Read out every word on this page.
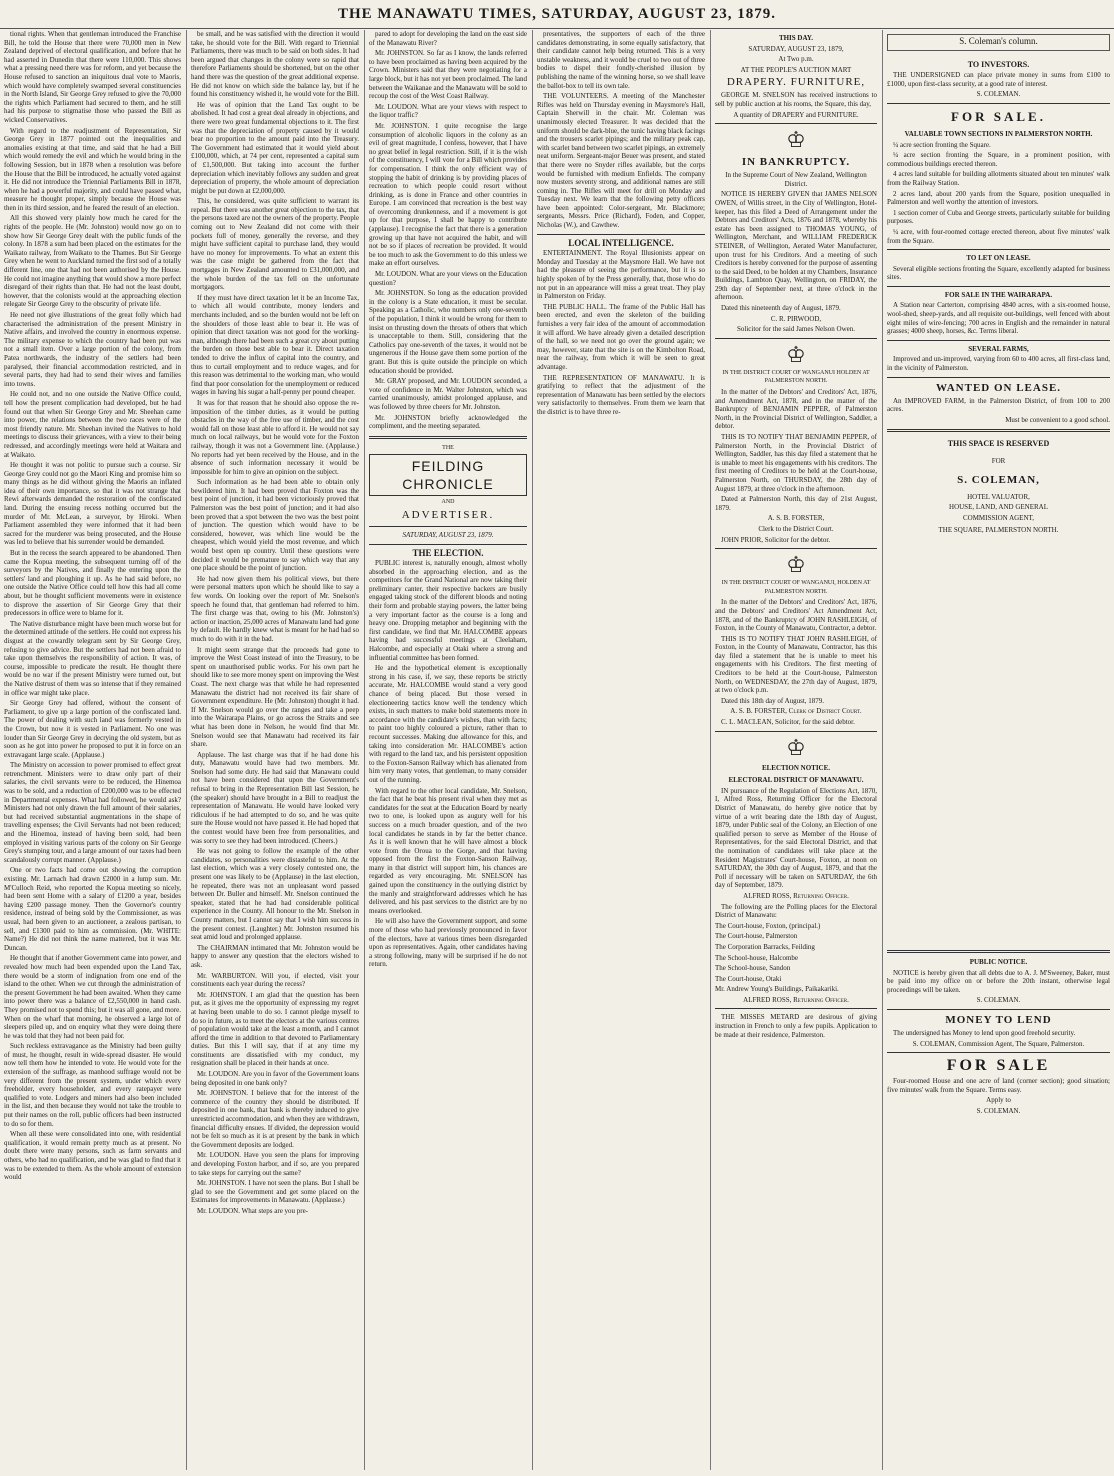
THE MANAWATU TIMES, SATURDAY, AUGUST 23, 1879.

tional rights. When that gentleman introduced the Franchise Bill, he told the House that there were 70,000 men in New Zealand deprived of electoral qualification, and before that he had asserted in Dunedin that there were 110,000. This shows what a pressing need there was for reform, and yet because the House refused to sanction an iniquitous dual vote to Maoris, which would have completely swamped several constituencies in the North Island, Sir George Grey refused to give the 70,000 the rights which Parliament had secured to them, and he still had his purpose to stigmatise those who passed the Bill as wicked Conservatives.

With regard to the readjustment of Representation, Sir George Grey in 1877 pointed out the inequalities and anomalies existing at that time, and said that he had a Bill which would remedy the evil and which he would bring in the following Session, but in 1878 when a resolution was before the House that the Bill be introduced, he actually voted against it. He did not introduce the Triennial Parliaments Bill in 1878, when he had a powerful majority, and could have passed what, measure he thought proper, simply because the House was then in its third session, and he feared the result of an election.

All this showed very plainly how much he cared for the rights of the people. He (Mr. Johnston) would now go on to show how Sir George Grey dealt with the public funds of the colony. In 1878 a sum had been placed on the estimates for the Waikato railway, from Waikato to the Thames. But Sir George Grey when he went to Auckland turned the first sod of a totally different line, one that had not been authorised by the House. He could not imagine anything that would show a more perfect disregard of their rights than that. He had not the least doubt, however, that the colonists would at the approaching election relegate Sir George Grey to the obscurity of private life.

He need not give illustrations of the great folly which had characterised the administration of the present Ministry in Native affairs, and involved the country in enormous expense. The military expense to which the country had been put was not a small item. Over a large portion of the colony, from Patea northwards, the industry of the settlers had been paralysed, their financial accommodation restricted, and in several parts, they had had to send their wives and families into towns.

He could not, and no one outside the Native Office could, tell how the present complication had developed, but he had found out that when Sir George Grey and Mr. Sheehan came into power, the relations between the two races were of the most friendly nature. Mr. Sheehan invited the Natives to hold meetings to discuss their grievances, with a view to their being redressed, and accordingly meetings were held at Waitara and at Waikato.

He thought it was not politic to pursue such a course. Sir George Grey could not go the Maori King and promise him so many things as he did without giving the Maoris an inflated idea of their own importance, so that it was not strange that Rewi afterwards demanded the restoration of the confiscated land. During the ensuing recess nothing occurred but the murder of Mr. McLean, a surveyor, by Hiroki. When Parliament assembled they were informed that it had been sacred for the murderer was being prosecuted, and the House was led to believe that his surrender would be demanded.

But in the recess the search appeared to be abandoned. Then came the Kopua meeting, the subsequent turning off of the surveyors by the Natives, and finally the entering upon the settlers' land and ploughing it up. As he had said before, no one outside the Native Office could tell how this had all come about, but he thought sufficient movements were in existence to disprove the assertion of Sir George Grey that their predecessors in office were to blame for it.

The Native disturbance might have been much worse but for the determined attitude of the settlers. He could not express his disgust at the cowardly telegram sent by Sir George Grey, refusing to give advice. But the settlers had not been afraid to take upon themselves the responsibility of action. It was, of course, impossible to predicate the result. He thought there would be no war if the present Ministry were turned out, but the Native distrust of them was so intense that if they remained in office war might take place.

Sir George Grey had offered, without the consent of Parliament, to give up a large portion of the confiscated land. The power of dealing with such land was formerly vested in the Crown, but now it is vested in Parliament. No one was louder than Sir George Grey in decrying the old system, but as soon as he got into power he proposed to put it in force on an extravagant large scale. (Applause.)

The Ministry on accession to power promised to effect great retrenchment. Ministers were to draw only part of their salaries, the civil servants were to be reduced, the Hinemoa was to be sold, and a reduction of £200,000 was to be effected in Departmental expenses. What had followed, he would ask? Ministers had not only drawn the full amount of their salaries, but had received substantial augmentations in the shape of travelling expenses; the Civil Servants had not been reduced; and the Hinemoa, instead of having been sold, had been employed in visiting various parts of the colony on Sir George Grey's stumping tour, and a large amount of our taxes had been scandalously corrupt manner. (Applause.)

One or two facts had come out showing the corruption existing. Mr. Larnach had drawn £2000 in a lump sum. Mr. M'Culloch Reid, who reported the Kopua meeting so nicely, had been sent Home with a salary of £1200 a year, besides having £200 passage money. Then the Governor's country residence, instead of being sold by the Commissioner, as was usual, had been given to an auctioneer, a zealous partisan, to sell, and £1300 paid to him as commission. (Mr. WHITE: Name?) He did not think the name mattered, but it was Mr. Duncan.

He thought that if another Government came into power, and revealed how much had been expended upon the Land Tax, there would be a storm of indignation from one end of the island to the other. When we cut through the administration of the present Government he had been awaited. When they came into power there was a balance of £2,550,000 in hand cash. They promised not to spend this; but it was all gone, and more. When on the wharf that morning, he observed a large lot of sleepers piled up, and on enquiry what they were doing there he was told that they had not been paid for.

Such reckless extravagance as the Ministry had been guilty of must, he thought, result in wide-spread disaster. He would now tell them how he intended to vote. He would vote for the extension of the suffrage, as manhood suffrage would not be very different from the present system, under which every freeholder, every householder, and every ratepayer were qualified to vote. Lodgers and miners had also been included in the list, and then because they would not take the trouble to put their names on the roll, public officers had been instructed to do so for them.

When all these were consolidated into one, with residential qualification, it would remain pretty much as at present. No doubt there were many persons, such as farm servants and others, who had no qualification, and he was glad to find that it was to be extended to them. As the whole amount of extension would

be small, and he was satisfied with the direction it would take, he should vote for the Bill. With regard to Triennial Parliaments, there was much to be said on both sides. It had been argued that changes in the colony were so rapid that therefore Parliaments should be shortened, but on the other hand there was the question of the great additional expense. He did not know on which side the balance lay, but if he found his constituency wished it, he would vote for the Bill.

He was of opinion that the Land Tax ought to be abolished. It had cost a great deal already in objections, and there were two great fundamental objections to it. The first was that the depreciation of property caused by it would bear no proportion to the amount paid into the Treasury. The Government had estimated that it would yield about £100,000, which, at 74 per cent, represented a capital sum of £1,500,000. But taking into account the further depreciation which inevitably follows any sudden and great depreciation of property, the whole amount of depreciation might be put down at £2,000,000.

This, he considered, was quite sufficient to warrant its repeal. But there was another great objection to the tax, that the persons taxed are not the owners of the property. People coming out to New Zealand did not come with their pockets full of money, generally the reverse, and they might have sufficient capital to purchase land, they would have no money for improvements. To what an extent this was the case might be gathered from the fact that mortgages in New Zealand amounted to £31,000,000, and the whole burden of the tax fell on the unfortunate mortgagors.

If they must have direct taxation let it be an Income Tax, to which all would contribute, money lenders and merchants included, and so the burden would not be left on the shoulders of those least able to bear it. He was of opinion that direct taxation was not good for the working-man, although there had been such a great cry about putting the burden on those best able to bear it. Direct taxation tended to drive the influx of capital into the country, and thus to curtail employment and to reduce wages, and for this reason was detrimental to the working man, who would find that poor consolation for the unemployment or reduced wages in having his sugar a half-penny per pound cheaper.

It was for that reason that he should also oppose the re-imposition of the timber duties, as it would be putting obstacles in the way of the free use of timber, and the cost would fall on those least able to afford it. He would not say much on local railways, but he would vote for the Foxton railway, though it was not a Government line. (Applause.) No reports had yet been received by the House, and in the absence of such information necessary it would be impossible for him to give an opinion on the subject.

Such information as he had been able to obtain only bewildered him. It had been proved that Foxton was the best point of junction, it had been victoriously proved that Palmerston was the best point of junction; and it had also been proved that a spot between the two was the best point of junction. The question which would have to be considered, however, was which line would be the cheapest, which would yield the most revenue, and which would best open up country. Until these questions were decided it would be premature to say which way that any one place should be the point of junction.

He had now given them his political views, but there were personal matters upon which he should like to say a few words. On looking over the report of Mr. Snelson's speech he found that, that gentleman had referred to him. The first charge was that, owing to his (Mr. Johnston's) action or inaction, 25,000 acres of Manawatu land had gone by default. He hardly knew what is meant for he had had so much to do with it in the bad.

It might seem strange that the proceeds had gone to improve the West Coast instead of into the Treasury, to be spent on unauthorised public works. For his own part he should like to see more money spent on improving the West Coast. The next charge was that while he had represented Manawatu the district had not received its fair share of Government expenditure. He (Mr. Johnston) thought it had. If Mr. Snelson would go over the ranges and take a peep into the Wairarapa Plains, or go across the Straits and see what has been done in Nelson, he would find that Mr. Snelson would see that Manawatu had received its fair share.

Applause. The last charge was that if he had done his duty, Manawatu would have had two members. Mr. Snelson had some duty. He had said that Manawatu could not have been considered that upon the Government's refusal to bring in the Representation Bill last Session, he (the speaker) should have brought in a Bill to readjust the representation of Manawatu. He would have looked very ridiculous if he had attempted to do so, and he was quite sure the House would not have passed it. He had hoped that the contest would have been free from personalities, and was sorry to see they had been introduced. (Cheers.)

He was not going to follow the example of the other candidates, so personalities were distasteful to him. At the last election, which was a very closely contested one, the present one was likely to be (Applause) in the last election, he repeated, there was not an unpleasant word passed between Dr. Buller and himself. Mr. Snelson continued the speaker, stated that he had had considerable political experience in the County. All honour to the Mr. Snelson in County matters, but I cannot say that I wish him success in the present contest. (Laughter.) Mr. Johnston resumed his seat amid loud and prolonged applause.

The CHAIRMAN intimated that Mr. Johnston would be happy to answer any question that the electors wished to ask.

Mr. WARBURTON. Will you, if elected, visit your constituents each year during the recess?

Mr. JOHNSTON. I am glad that the question has been put, as it gives me the opportunity of expressing my regret at having been unable to do so. I cannot pledge myself to do so in future, as to meet the electors at the various centres of population would take at the least a month, and I cannot afford the time in addition to that devoted to Parliamentary duties. But this I will say, that if at any time my constituents are dissatisfied with my conduct, my resignation shall be placed in their hands at once.

Mr. LOUDON. Are you in favor of the Government loans being deposited in one bank only?

Mr. JOHNSTON. I believe that for the interest of the commerce of the country they should be distributed. If deposited in one bank, that bank is thereby induced to give unrestricted accommodation, and when they are withdrawn, financial difficulty ensues. If divided, the depression would not be felt so much as it is at present by the bank in which the Government deposits are lodged.

Mr. LOUDON. Have you seen the plans for improving and developing Foxton harbor, and if so, are you prepared to take steps for carrying out the same?

Mr. JOHNSTON. I have not seen the plans. But I shall be glad to see the Government and get some placed on the Estimates for improvements in Manawatu. (Applause.)

Mr. LOUDON. What steps are you pre-

pared to adopt for developing the land on the east side of the Manawatu River?

Mr. JOHNSTON. So far as I know, the lands referred to have been proclaimed as having been acquired by the Crown. Ministers said that they were negotiating for a large block, but it has not yet been proclaimed. The land between the Waikanae and the Manawatu will be sold to recoup the cost of the West Coast Railway.

Mr. LOUDON. What are your views with respect to the liquor traffic?

Mr. JOHNSTON. I quite recognise the large consumption of alcoholic liquors in the colony as an evil of great magnitude, I confess, however, that I have no great belief in legal restriction. Still, if it is the wish of the constituency, I will vote for a Bill which provides for compensation. I think the only efficient way of stopping the habit of drinking is by providing places of recreation to which people could resort without drinking, as is done in France and other countries in Europe. I am convinced that recreation is the best way of overcoming drunkenness, and if a movement is got up for that purpose, I shall be happy to contribute (applause). I recognise the fact that there is a generation growing up that have not acquired the habit, and will not be so if places of recreation be provided. It would be too much to ask the Government to do this unless we make an effort ourselves.

Mr. LOUDON. What are your views on the Education question?

Mr. JOHNSTON. So long as the education provided in the colony is a State education, it must be secular. Speaking as a Catholic, who numbers only one-seventh of the population, I think it would be wrong for them to insist on thrusting down the throats of others that which is unacceptable to them. Still, considering that the Catholics pay one-seventh of the taxes, it would not be ungenerous if the House gave them some portion of the grant. But this is quite outside the principle on which education should be provided.

Mr. GRAY proposed, and Mr. LOUDON seconded, a vote of confidence in Mr. Walter Johnston, which was carried unanimously, amidst prolonged applause, and was followed by three cheers for Mr. Johnston.

Mr. JOHNSTON briefly acknowledged the compliment, and the meeting separated.

THE

FEILDING CHRONICLE

AND

ADVERTISER.

SATURDAY, AUGUST 23, 1879.

THE ELECTION.

PUBLIC interest is, naturally enough, almost wholly absorbed in the approaching election, and as the competitors for the Grand National are now taking their preliminary canter, their respective backers are busily engaged taking stock of the different bloods and noting their form and probable staying powers, the latter being a very important factor as the course is a long and heavy one. Dropping metaphor and beginning with the first candidate, we find that Mr. HALCOMBE appears having had successful meetings at Cleelaham, Halcombe, and especially at Otaki where a strong and influential committee has been formed.

He and the hypothetical element is exceptionally strong in his case, if, we say, these reports be strictly accurate, Mr. HALCOMBE would stand a very good chance of being placed. But those versed in electioneering tactics know well the tendency which exists, in such matters to make bold statements more in accordance with the candidate's wishes, than with facts; to paint too highly coloured a picture, rather than to recount successes. Making due allowance for this, and taking into consideration Mr. HALCOMBE's action with regard to the land tax, and his persistent opposition to the Foxton-Sanson Railway which has alienated from him very many votes, that gentleman, to many consider out of the running.

With regard to the other local candidate, Mr. Snelson, the fact that he beat his present rival when they met as candidates for the seat at the Education Board by nearly two to one, is looked upon as augury well for his success on a much broader question, and of the two local candidates he stands in by far the better chance. As it is well known that he will have almost a block vote from the Oroua to the Gorge, and that having opposed from the first the Foxton-Sanson Railway, many in that district will support him, his chances are regarded as very encouraging. Mr. SNELSON has gained upon the constituency in the outlying district by the manly and straightforward addresses which he has delivered, and his past services to the district are by no means overlooked.

He will also have the Government support, and some more of those who had previously pronounced in favor of the electors, have at various times been disregarded upon as representatives. Again, other candidates having a strong following, many will be surprised if he do not return.

presentatives, the supporters of each of the three candidates demonstrating, in some equally satisfactory, that their candidate cannot help being returned. This is a very unstable weakness, and it would be cruel to two out of three bodies to dispel their fondly-cherished illusion by publishing the name of the winning horse, so we shall leave the ballot-box to tell its own tale.

THE VOLUNTEERS. A meeting of the Manchester Rifles was held on Thursday evening in Maysmore's Hall, Captain Sherwill in the chair. Mr. Coleman was unanimously elected Treasurer. It was decided that the uniform should be dark-blue, the tunic having black facings and the trousers scarlet pipings; and the military peak cap, with scarlet band between two scarlet pipings, an extremely neat uniform. Sergeant-major Beuer was present, and stated that there were no Snyder rifles available, but the corps would be furnished with medium Enfields. The company now musters seventy strong, and additional names are still coming in. The Rifles will meet for drill on Monday and Tuesday next. We learn that the following petty officers have been appointed: Color-sergeant, Mr. Blackmore; sergeants, Messrs. Price (Richard), Foden, and Copper, Nicholas (W.), and Cawthew.

LOCAL INTELLIGENCE.

ENTERTAINMENT. The Royal Illusionists appear on Monday and Tuesday at the Maysmore Hall. We have not had the pleasure of seeing the performance, but it is so highly spoken of by the Press generally, that, those who do not put in an appearance will miss a great treat. They play in Palmerston on Friday.

THE PUBLIC HALL. The frame of the Public Hall has been erected, and even the skeleton of the building furnishes a very fair idea of the amount of accommodation it will afford. We have already given a detailed description of the hall, so we need not go over the ground again; we may, however, state that the site is on the Kimbolton Road, near the railway, from which it will be seen to great advantage.

THE REPRESENTATION OF MANAWATU. It is gratifying to reflect that the adjustment of the representation of Manawatu has been settled by the electors very satisfactorily to themselves. From them we learn that the district is to have three re-

THIS DAY.

SATURDAY, AUGUST 23, 1879,

At Two p.m.

AT THE PEOPLE'S AUCTION MART

DRAPERY. FURNITURE,

GEORGE M. SNELSON has received instructions to sell by public auction at his rooms, the Square, this day,

A quantity of DRAPERY and FURNITURE.

♔

IN BANKRUPTCY.

In the Supreme Court of New Zealand, Wellington District.

NOTICE IS HEREBY GIVEN that JAMES NELSON OWEN, of Willis street, in the City of Wellington, Hotel-keeper, has this filed a Deed of Arrangement under the Debtors and Creditors' Acts, 1876 and 1878, whereby his estate has been assigned to THOMAS YOUNG, of Wellington, Merchant, and WILLIAM FREDERICK STEINER, of Wellington, Aerated Water Manufacturer, upon trust for his Creditors. And a meeting of such Creditors is hereby convened for the purpose of assenting to the said Deed, to be holden at my Chambers, Insurance Buildings, Lambton Quay, Wellington, on FRIDAY, the 29th day of September next, at three o'clock in the afternoon.

Dated this nineteenth day of August, 1879.

C. R. PIRWOOD,

Solicitor for the said James Nelson Owen.

♔

IN THE DISTRICT COURT OF WANGANUI HOLDEN AT PALMERSTON NORTH.

In the matter of the Debtors' and Creditors' Act, 1876, and Amendment Act, 1878, and in the matter of the Bankruptcy of BENJAMIN PEPPER, of Palmerston North, in the Provincial District of Wellington, Saddler, a debtor.

THIS IS TO NOTIFY THAT BENJAMIN PEPPER, of Palmerston North, in the Provincial District of Wellington, Saddler, has this day filed a statement that he is unable to meet his engagements with his creditors. The first meeting of Creditors to be held at the Court-house, Palmerston North, on THURSDAY, the 28th day of August 1879, at three o'clock in the afternoon.

Dated at Palmerston North, this day of 21st August, 1879.

A. S. B. FORSTER,

Clerk to the District Court.

JOHN PRIOR, Solicitor for the debtor.

♔

IN THE DISTRICT COURT OF WANGANUI, HOLDEN AT PALMERSTON NORTH.

In the matter of the Debtors' and Creditors' Act, 1876, and the Debtors' and Creditors' Act Amendment Act, 1878, and of the Bankruptcy of JOHN RASHLEIGH, of Foxton, in the County of Manawatu, Contractor, a debtor.

THIS IS TO NOTIFY THAT JOHN RASHLEIGH, of Foxton, in the County of Manawatu, Contractor, has this day filed a statement that he is unable to meet his engagements with his Creditors. The first meeting of Creditors to be held at the Court-house, Palmerston North, on WEDNESDAY, the 27th day of August, 1879, at two o'clock p.m.

Dated this 18th day of August, 1879.

A. S. B. FORSTER, Clerk of District Court.

C. L. MACLEAN, Solicitor, for the said debtor.

♔

ELECTION NOTICE.

ELECTORAL DISTRICT OF MANAWATU.

IN pursuance of the Regulation of Elections Act, 1870, I, Alfred Ross, Returning Officer for the Electoral District of Manawatu, do hereby give notice that by virtue of a writ bearing date the 18th day of August, 1879, under Public seal of the Colony, an Election of one qualified person to serve as Member of the House of Representatives, for the said Electoral District, and that the nomination of candidates will take place at the Resident Magistrates' Court-house, Foxton, at noon on SATURDAY, the 30th day of August, 1879, and that the Poll if necessary will be taken on SATURDAY, the 6th day of September, 1879.

ALFRED ROSS, Returning Officer.

The following are the Polling places for the Electoral District of Manawatu:

The Court-house, Foxton, (principal.)

The Court-house, Palmerston

The Corporation Barracks, Feilding

The School-house, Halcombe

The School-house, Sandon

The Court-house, Otaki

Mr. Andrew Young's Buildings, Paikakariki.

ALFRED ROSS, Returning Officer.

THE MISSES METARD are desirous of giving instruction in French to only a few pupils. Application to be made at their residence, Palmerston.

S. Coleman's column.

TO INVESTORS.

THE UNDERSIGNED can place private money in sums from £100 to £1000, upon first-class security, at a good rate of interest.

S. COLEMAN.

FOR SALE.

VALUABLE TOWN SECTIONS IN PALMERSTON NORTH.

¼ acre section fronting the Square.

¼ acre section fronting the Square, in a prominent position, with commodious buildings erected thereon.

4 acres land suitable for building allotments situated about ten minutes' walk from the Railway Station.

2 acres land, about 200 yards from the Square, position unequalled in Palmerston and well worthy the attention of investors.

1 section corner of Cuba and George streets, particularly suitable for building purposes.

¼ acre, with four-roomed cottage erected thereon, about five minutes' walk from the Square.

TO LET ON LEASE.

Several eligible sections fronting the Square, excellently adapted for business sites.

FOR SALE IN THE WAIRARAPA.

A Station near Carterton, comprising 4840 acres, with a six-roomed house, wool-shed, sheep-yards, and all requisite out-buildings, well fenced with about eight miles of wire-fencing; 700 acres in English and the remainder in natural grasses; 4000 sheep, horses, &c. Terms liberal.

SEVERAL FARMS,

Improved and un-improved, varying from 60 to 400 acres, all first-class land, in the vicinity of Palmerston.

WANTED ON LEASE.

An IMPROVED FARM, in the Palmerston District, of from 100 to 200 acres.

Must be convenient to a good school.

THIS SPACE IS RESERVED

FOR

S. COLEMAN,

HOTEL VALUATOR,

HOUSE, LAND, AND GENERAL

COMMISSION AGENT,

THE SQUARE, PALMERSTON NORTH.

PUBLIC NOTICE.

NOTICE is hereby given that all debts due to A. J. M'Sweeney, Baker, must be paid into my office on or before the 20th instant, otherwise legal proceedings will be taken.

S. COLEMAN.

MONEY TO LEND

The undersigned has Money to lend upon good freehold security.

S. COLEMAN, Commission Agent, The Square, Palmerston.

FOR SALE

Four-roomed House and one acre of land (corner section); good situation; five minutes' walk from the Square. Terms easy.

Apply to

S. COLEMAN.
